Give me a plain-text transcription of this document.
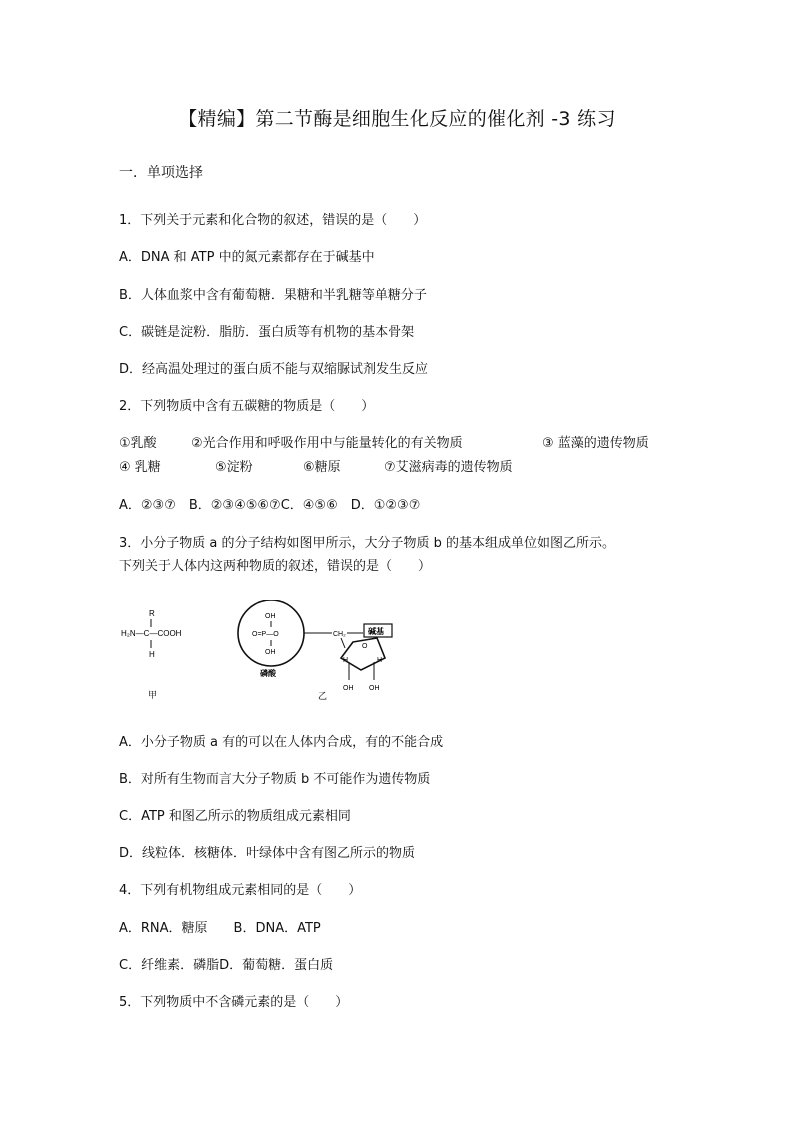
【精编】第二节酶是细胞生化反应的催化剂 -3 练习
一．单项选择
1．下列关于元素和化合物的叙述，错误的是（　　）
A．DNA 和 ATP 中的氮元素都存在于碱基中
B．人体血浆中含有葡萄糖．果糖和半乳糖等单糖分子
C．碳链是淀粉．脂肪．蛋白质等有机物的基本骨架
D．经高温处理过的蛋白质不能与双缩脲试剂发生反应
2．下列物质中含有五碳糖的物质是（　　）
①乳酸	②光合作用和呼吸作用中与能量转化的有关物质	③ 蓝藻的遗传物质
④ 乳糖	⑤淀粉	⑥糖原	⑦艾滋病毒的遗传物质
A．②③⑦　B．②③④⑤⑥⑦C．④⑤⑥　D．①②③⑦
3．小分子物质 a 的分子结构如图甲所示，大分子物质 b 的基本组成单位如图乙所示。
下列关于人体内这两种物质的叙述，错误的是（　　）
R
H₂N—C—COOH
H
甲
OH
O=P—O
OH
磷酸
CH₂	碱基
O
H	H
OH OH
乙
A．小分子物质 a 有的可以在人体内合成，有的不能合成
B．对所有生物而言大分子物质 b 不可能作为遗传物质
C．ATP 和图乙所示的物质组成元素相同
D．线粒体．核糖体．叶绿体中含有图乙所示的物质
4．下列有机物组成元素相同的是（　　）
A．RNA．糖原　　B．DNA．ATP
C．纤维素．磷脂D．葡萄糖．蛋白质
5．下列物质中不含磷元素的是（　　）
